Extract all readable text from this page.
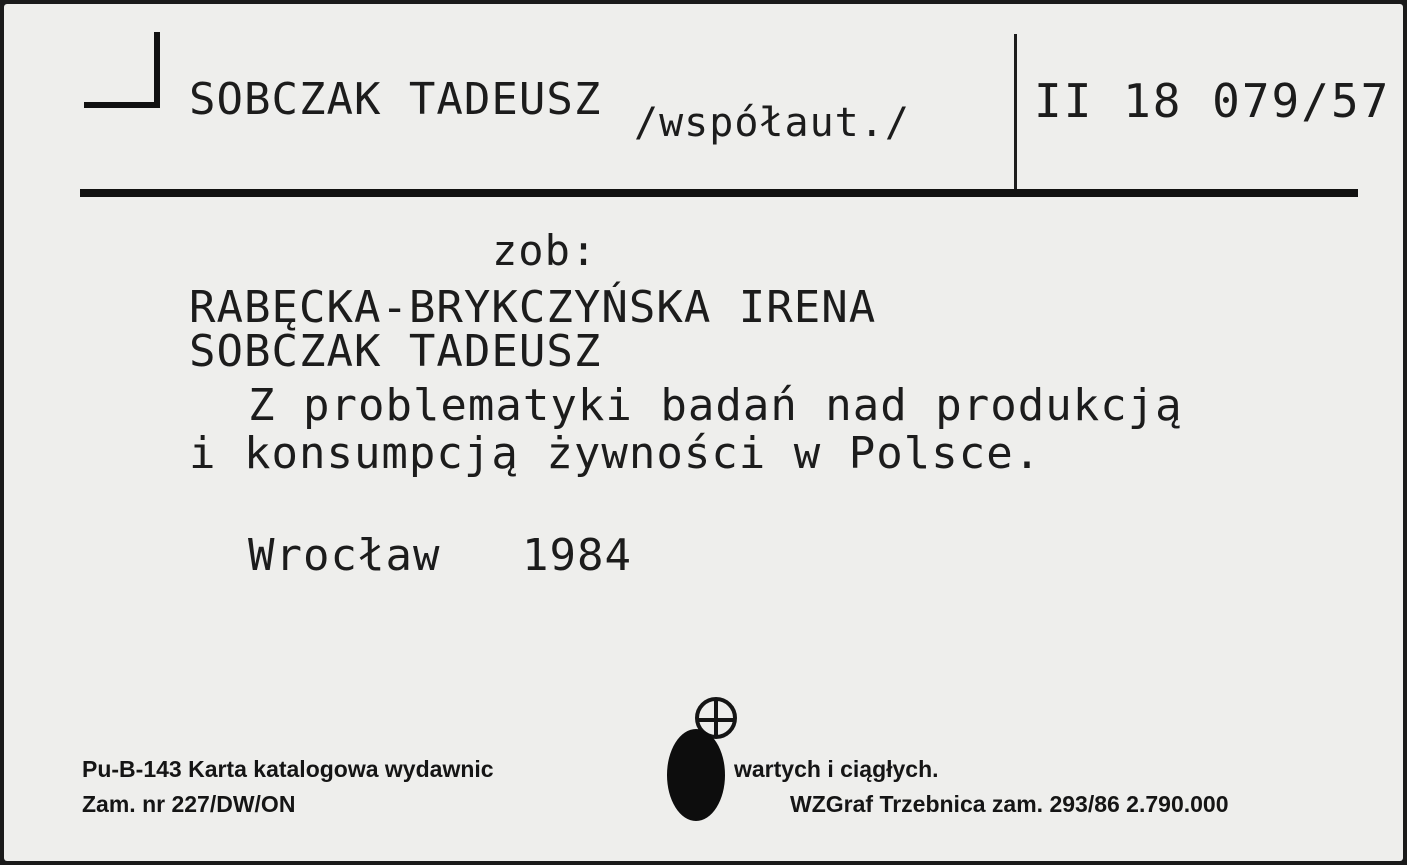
SOBCZAK TADEUSZ /współaut./	II 18 079/57
zob:
RABĘCKA-BRYKCZYŃSKA IRENA
SOBCZAK TADEUSZ
Z problematyki badań nad produkcją
i konsumpcją żywności w Polsce.
Wrocław 1984
Pu-B-143 Karta katalogowa wydawnic	wartych i ciągłych.
Zam. nr 227/DW/ON	WZGraf Trzebnica zam. 293/86 2.790.000
